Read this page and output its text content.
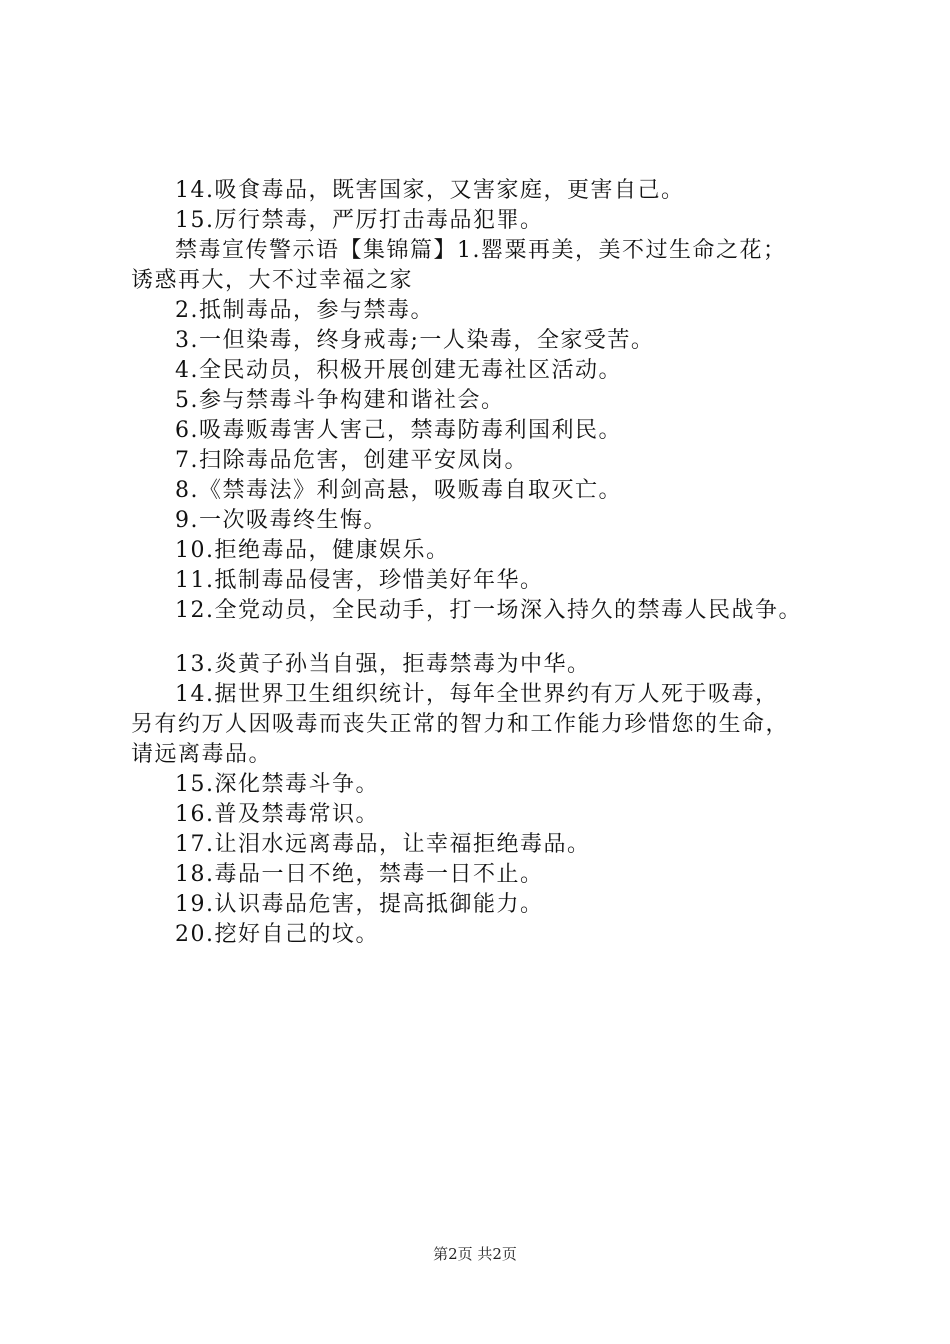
14.吸食毒品，既害国家，又害家庭，更害自己。
15.厉行禁毒，严厉打击毒品犯罪。
禁毒宣传警示语【集锦篇】1.罂粟再美，美不过生命之花；
诱惑再大，大不过幸福之家
2.抵制毒品，参与禁毒。
3.一但染毒，终身戒毒;一人染毒，全家受苦。
4.全民动员，积极开展创建无毒社区活动。
5.参与禁毒斗争构建和谐社会。
6.吸毒贩毒害人害己，禁毒防毒利国利民。
7.扫除毒品危害，创建平安凤岗。
8.《禁毒法》利剑高悬，吸贩毒自取灭亡。
9.一次吸毒终生悔。
10.拒绝毒品，健康娱乐。
11.抵制毒品侵害，珍惜美好年华。
12.全党动员，全民动手，打一场深入持久的禁毒人民战争。
13.炎黄子孙当自强，拒毒禁毒为中华。
14.据世界卫生组织统计，每年全世界约有万人死于吸毒，
另有约万人因吸毒而丧失正常的智力和工作能力珍惜您的生命，
请远离毒品。
15.深化禁毒斗争。
16.普及禁毒常识。
17.让泪水远离毒品，让幸福拒绝毒品。
18.毒品一日不绝，禁毒一日不止。
19.认识毒品危害，提高抵御能力。
20.挖好自己的坟。
第2页 共2页
